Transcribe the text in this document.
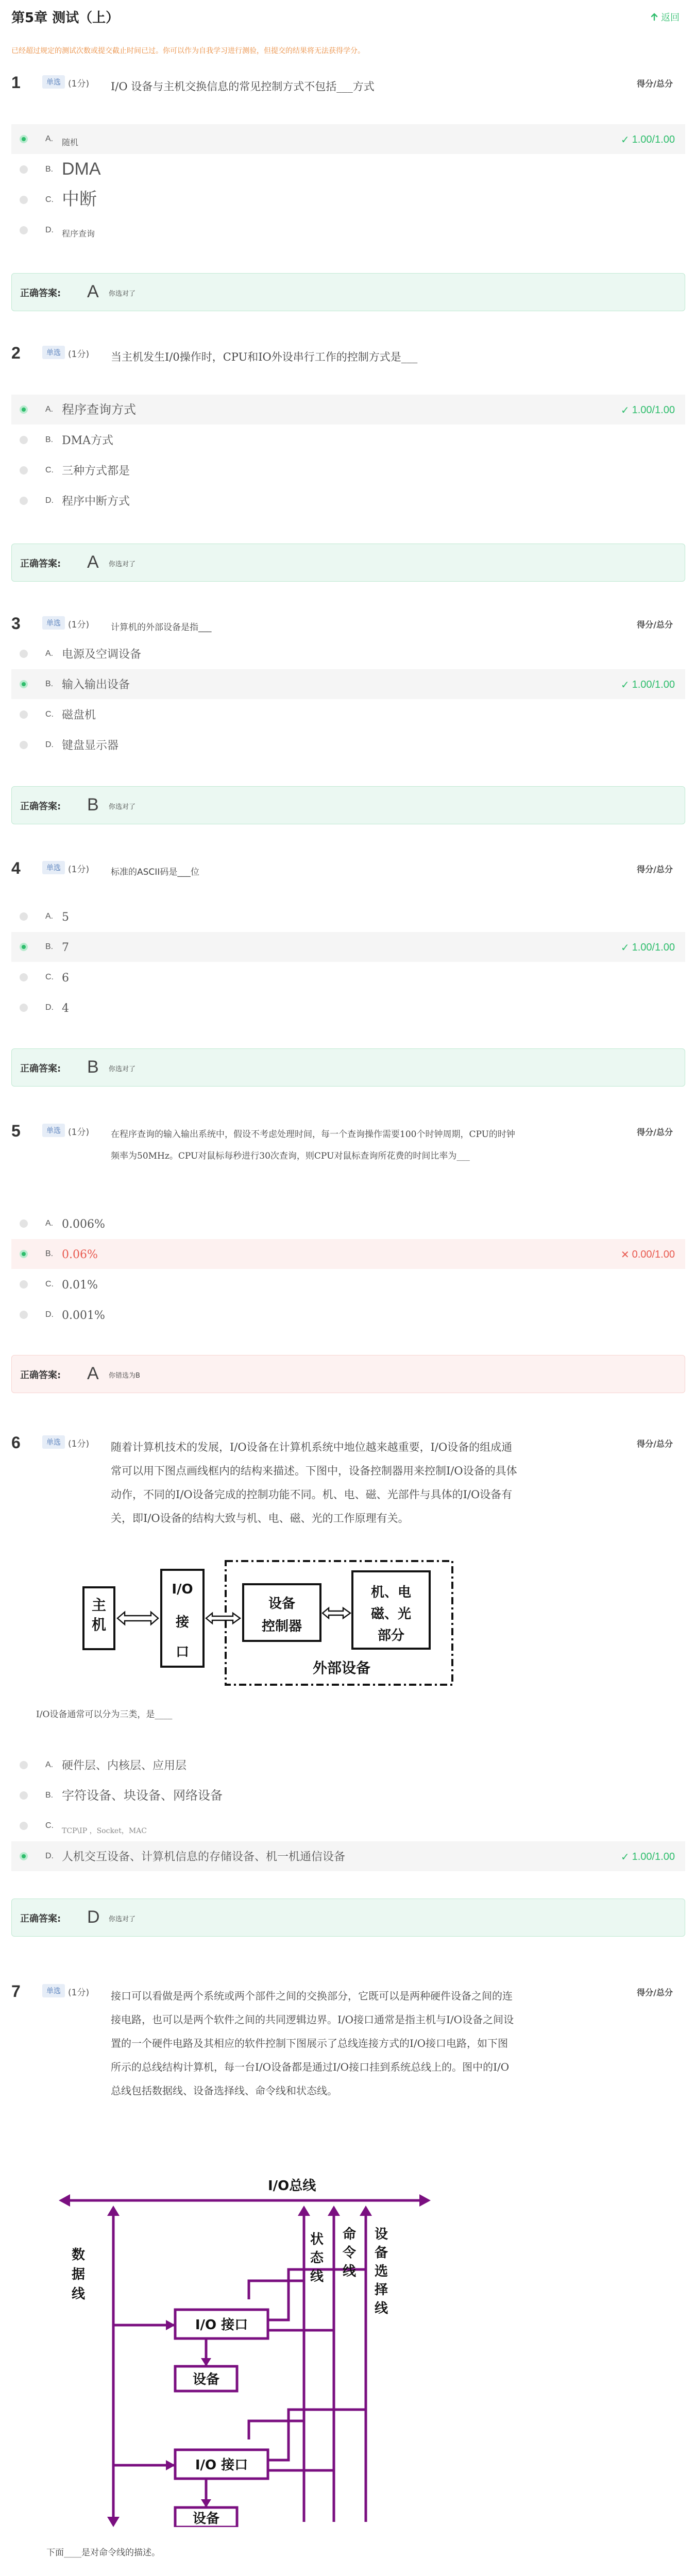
第5章 测试（上）	返回
已经超过规定的测试次数或提交截止时间已过。你可以作为自我学习进行测验，但提交的结果将无法获得学分。
1	单选 (1分) I/O 设备与主机交换信息的常见控制方式不包括___方式	得分/总分
A. 随机	✓ 1.00/1.00
B. DMA
C. 中断
D. 程序查询
正确答案: A 你选对了
2	单选 (1分) 当主机发生I/0操作时，CPU和IO外设串行工作的控制方式是___
A. 程序查询方式	✓ 1.00/1.00
B. DMA方式
C. 三种方式都是
D. 程序中断方式
正确答案: A 你选对了
3	单选 (1分) 计算机的外部设备是指___	得分/总分
A. 电源及空调设备
B. 输入输出设备	✓ 1.00/1.00
C. 磁盘机
D. 键盘显示器
正确答案: B 你选对了
4	单选 (1分) 标准的ASCII码是___位	得分/总分
A. 5
B. 7	✓ 1.00/1.00
C. 6
D. 4
正确答案: B 你选对了
5	单选 (1分) 在程序查询的输入输出系统中，假设不考虑处理时间，每一个查询操作需要100个时钟周期，CPU的时钟频率为50MHz。CPU对鼠标每秒进行30次查询，则CPU对鼠标查询所花费的时间比率为___
得分/总分
A. 0.006%
B. 0.06%	✕ 0.00/1.00
C. 0.01%
D. 0.001%
正确答案: A 你错选为B
6	单选 (1分) 随着计算机技术的发展，I/O设备在计算机系统中地位越来越重要，I/O设备的组成通常可以用下图点画线框内的结构来描述。下图中，设备控制器用来控制I/O设备的具体动作，不同的I/O设备完成的控制功能不同。机、电、磁、光部件与具体的I/O设备有关，即I/O设备的结构大致与机、电、磁、光的工作原理有关。
得分/总分
主机
I/O 接口
设备控制器
机、电磁、光部分
外部设备
I/O设备通常可以分为三类，是____
A. 硬件层、内核层、应用层
B. 字符设备、块设备、网络设备
C.
TCP\IP ，Socket，MAC
D. 人机交互设备、计算机信息的存储设备、机一机通信设备	✓ 1.00/1.00
正确答案: D 你选对了
7	单选 (1分) 接口可以看做是两个系统或两个部件之间的交换部分，它既可以是两种硬件设备之间的连接电路，也可以是两个软件之间的共同逻辑边界。I/O接口通常是指主机与I/O设备之间设置的一个硬件电路及其相应的软件控制下图展示了总线连接方式的I/O接口电路，如下图所示的总线结构计算机，每一台I/O设备都是通过I/O接口挂到系统总线上的。图中的I/O总线包括数据线、设备选择线、命令线和状态线。
得分/总分
I/O总线
数据线
状态线
命令线
设备选择线
I/O 接口
设备
I/O 接口
设备
下面____是对命令线的描述。
